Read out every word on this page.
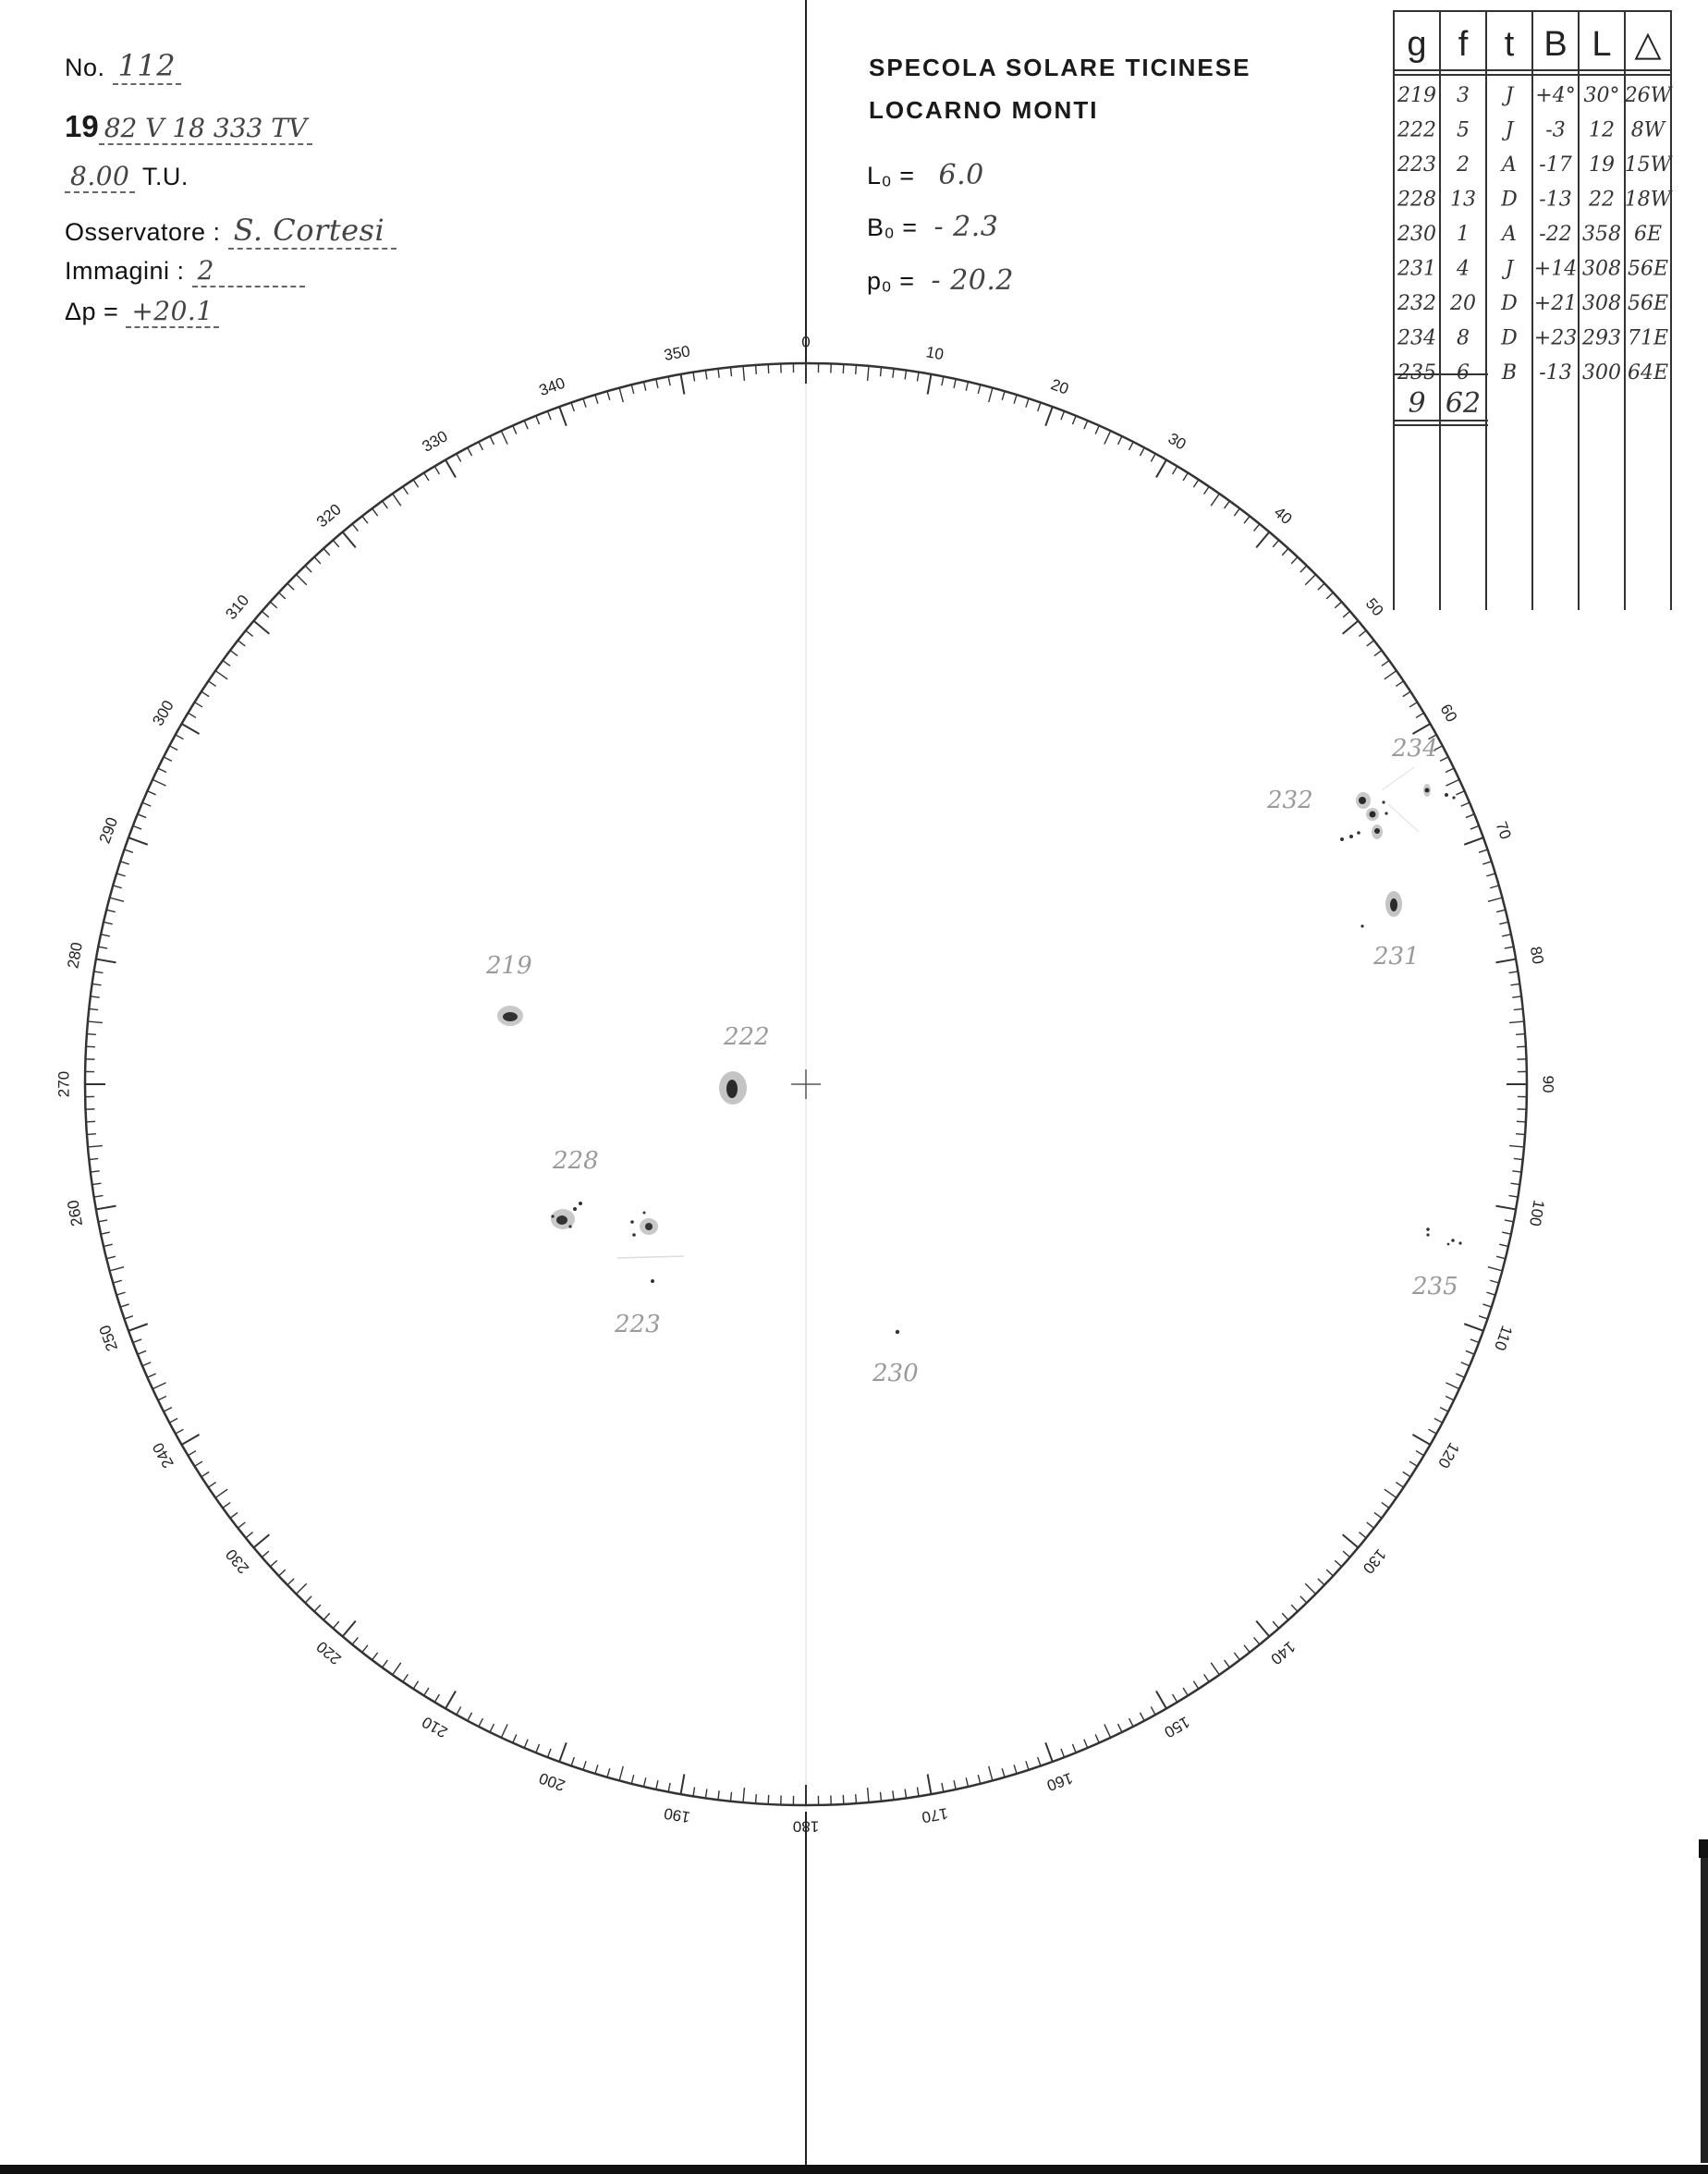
No. 112
19 82 V 18 333 TV
8.00 T.U.
Osservatore : S. Cortesi
Immagini : 2
Δp = +20.1
SPECOLA SOLARE TICINESE
LOCARNO MONTI
L₀ = 6.0
B₀ = - 2.3
p₀ = - 20.2
0
10
20
30
40
50
60
70
80
90
100
110
120
130
140
150
160
170
180
190
200
210
220
230
240
250
260
270
280
290
300
310
320
330
340
350
219
222
223
228
230
231
232
234
235
g f t B L △
219 3 J +4° 30° 26W
222 5 J -3 12 8W
223 2 A -17 19 15W
228 13 D -13 22 18W
230 1 A -22 358 6E
231 4 J +14 308 56E
232 20 D +21 308 56E
234 8 D +23 293 71E
235 6 B -13 300 64E
9 62
